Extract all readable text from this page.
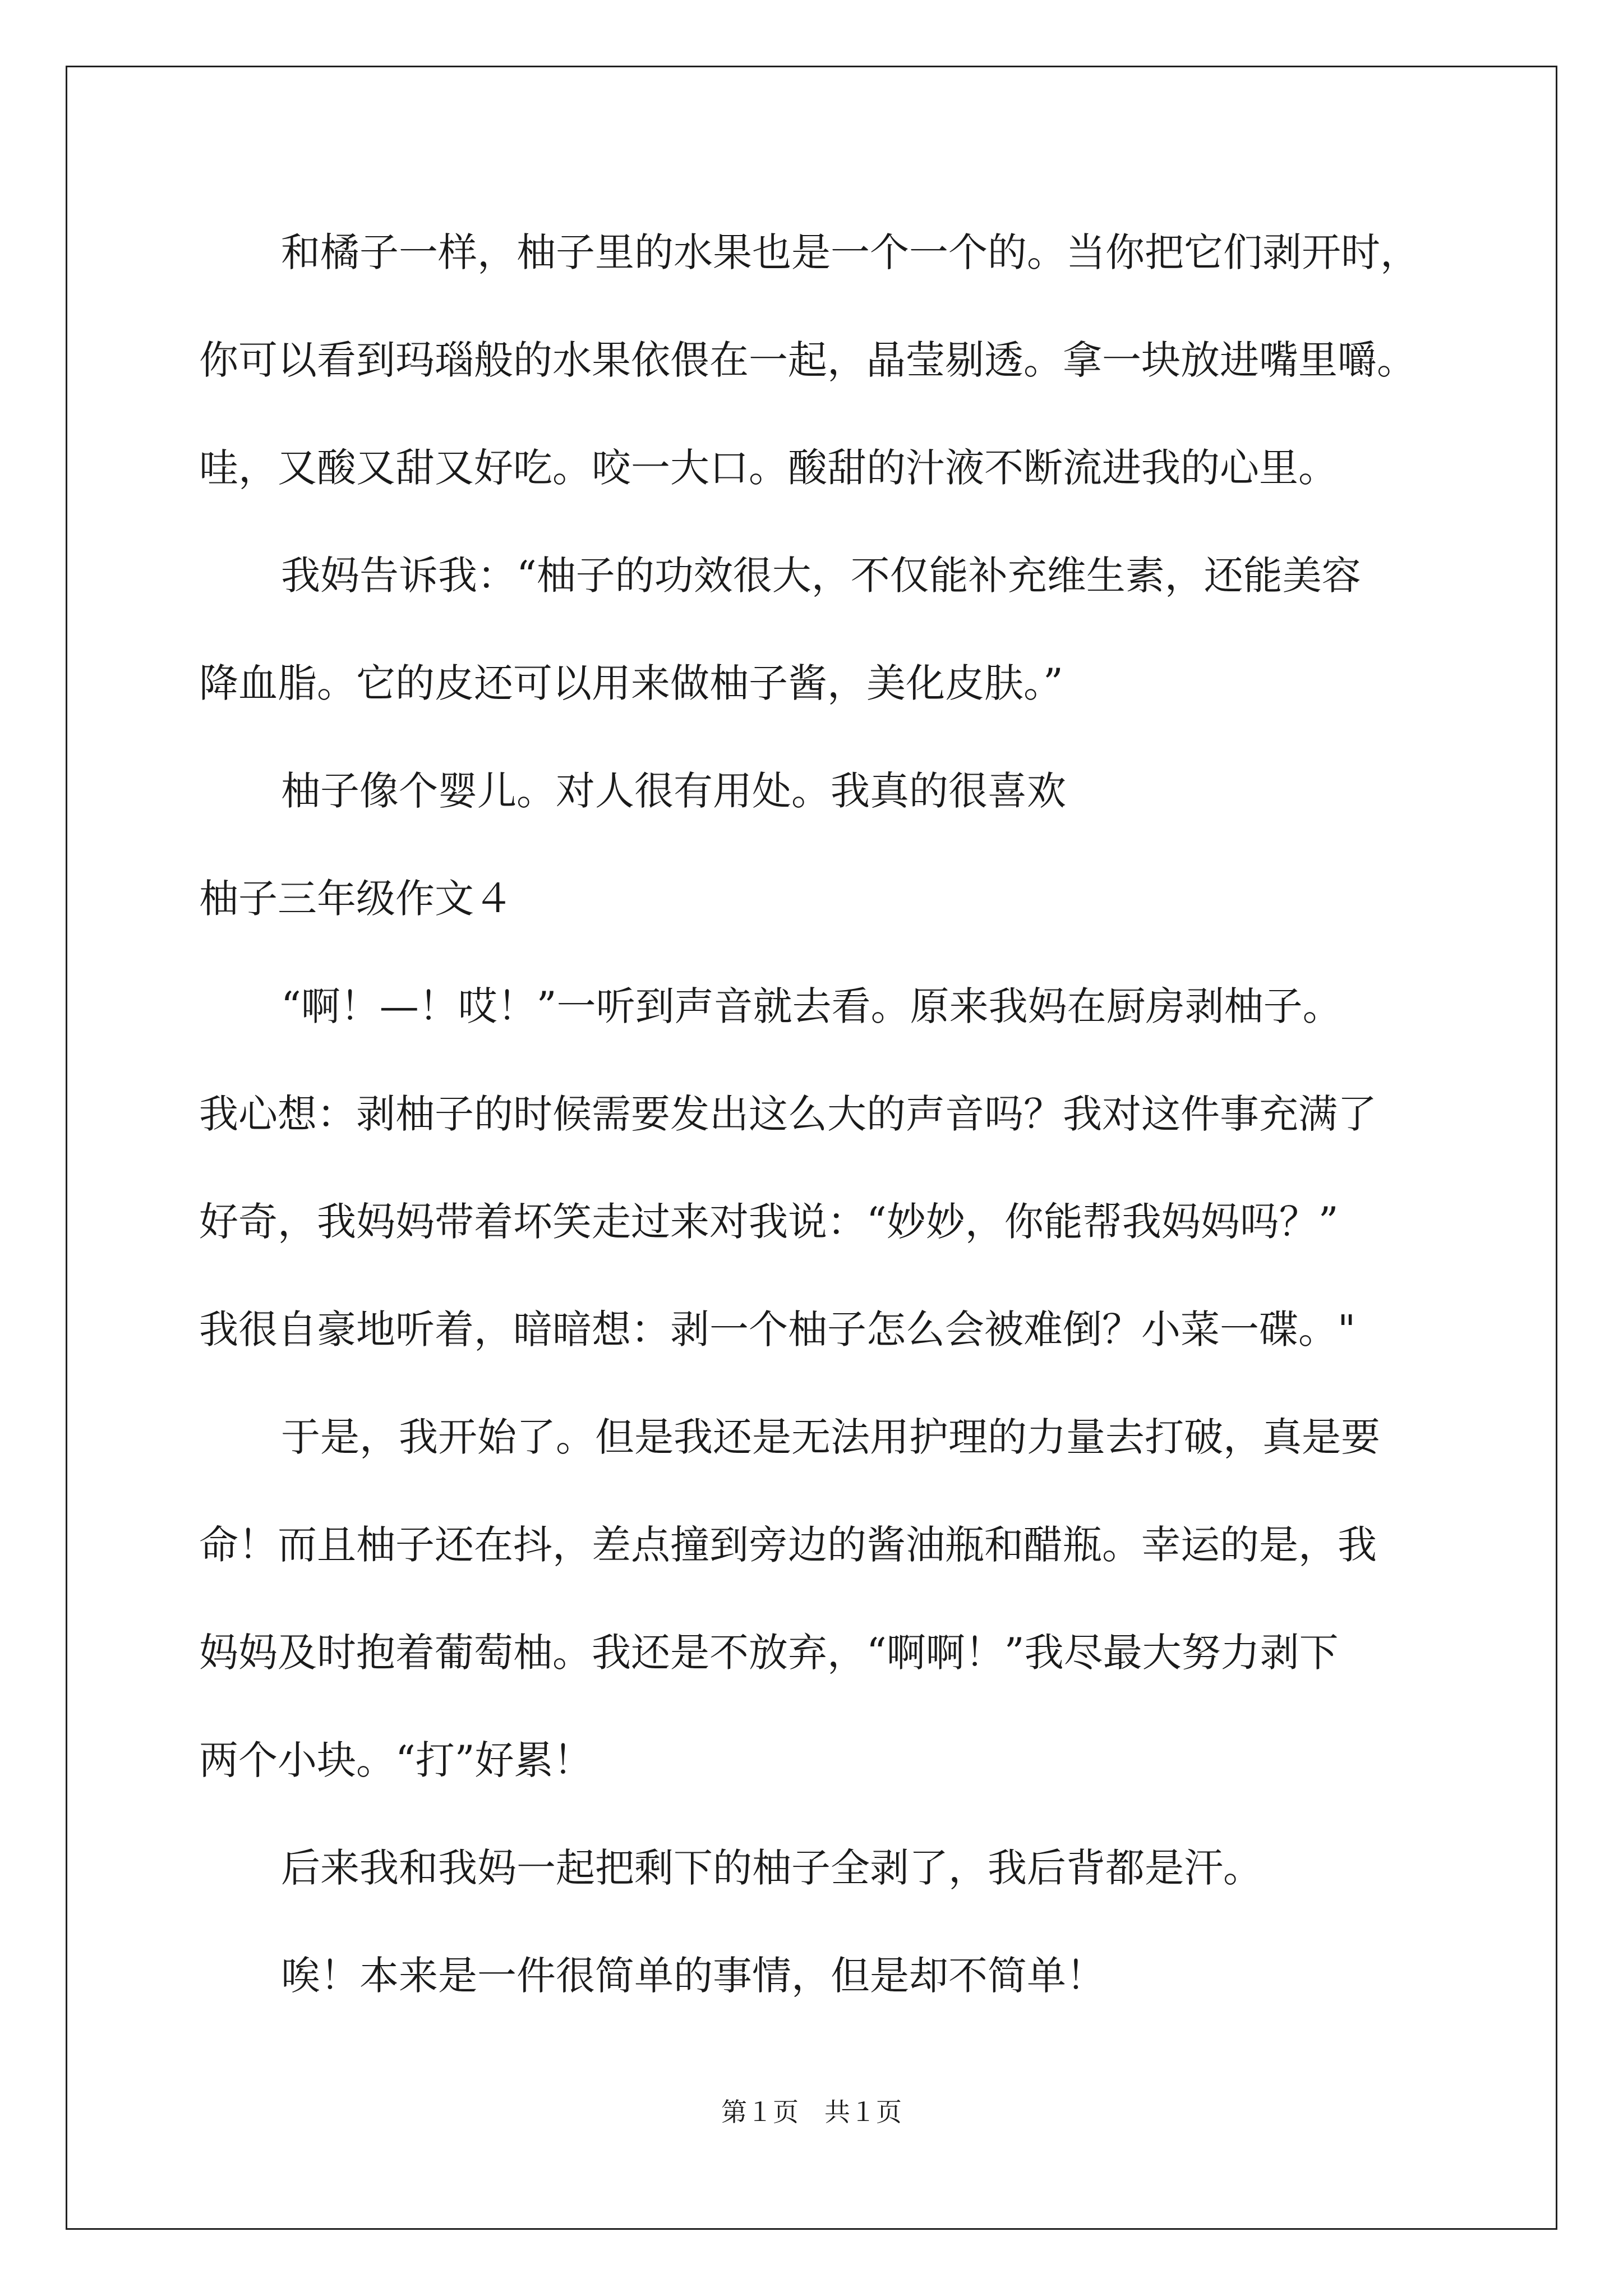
和橘子一样，柚子里的水果也是一个一个的。当你把它们剥开时，
你可以看到玛瑙般的水果依偎在一起，晶莹剔透。拿一块放进嘴里嚼。
哇，又酸又甜又好吃。咬一大口。酸甜的汁液不断流进我的心里。
我妈告诉我：“柚子的功效很大，不仅能补充维生素，还能美容
降血脂。它的皮还可以用来做柚子酱，美化皮肤。”
柚子像个婴儿。对人很有用处。我真的很喜欢
柚子三年级作文４
“啊！—！哎！”一听到声音就去看。原来我妈在厨房剥柚子。
我心想：剥柚子的时候需要发出这么大的声音吗？我对这件事充满了
好奇，我妈妈带着坏笑走过来对我说：“妙妙，你能帮我妈妈吗？”
我很自豪地听着，暗暗想：剥一个柚子怎么会被难倒？小菜一碟。"
于是，我开始了。但是我还是无法用护理的力量去打破，真是要
命！而且柚子还在抖，差点撞到旁边的酱油瓶和醋瓶。幸运的是，我
妈妈及时抱着葡萄柚。我还是不放弃，“啊啊！”我尽最大努力剥下
两个小块。“打”好累！
后来我和我妈一起把剩下的柚子全剥了，我后背都是汗。
唉！本来是一件很简单的事情，但是却不简单！
第１页　共１页
